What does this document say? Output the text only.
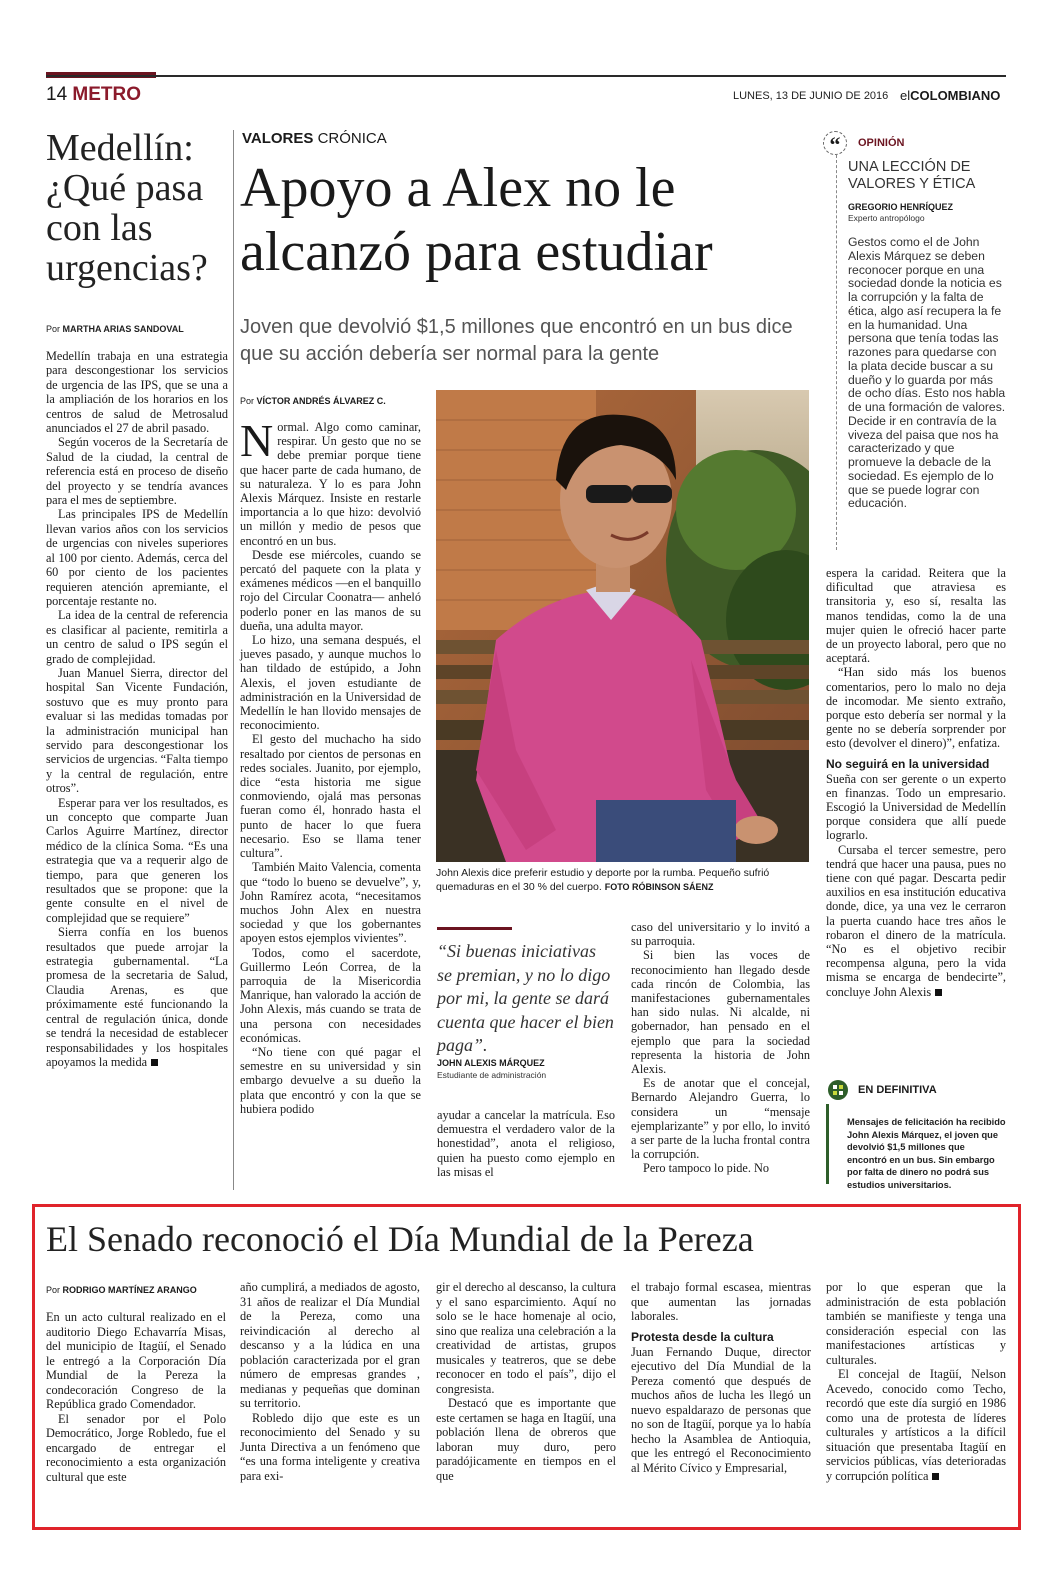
14 METRO	LUNES, 13 DE JUNIO DE 2016 elCOLOMBIANO
Medellín: ¿Qué pasa con las urgencias?
Por MARTHA ARIAS SANDOVAL

Medellín trabaja en una estrategia para descongestionar los servicios de urgencia de las IPS, que se una a la ampliación de los horarios en los centros de salud de Metrosalud anunciados el 27 de abril pasado.

Según voceros de la Secretaría de Salud de la ciudad, la central de referencia está en proceso de diseño del proyecto y se tendría avances para el mes de septiembre.

Las principales IPS de Medellín llevan varios años con los servicios de urgencias con niveles superiores al 100 por ciento. Además, cerca del 60 por ciento de los pacientes requieren atención apremiante, el porcentaje restante no.

La idea de la central de referencia es clasificar al paciente, remitirla a un centro de salud o IPS según el grado de complejidad.

Juan Manuel Sierra, director del hospital San Vicente Fundación, sostuvo que es muy pronto para evaluar si las medidas tomadas por la administración municipal han servido para descongestionar los servicios de urgencias. “Falta tiempo y la central de regulación, entre otros”.

Esperar para ver los resultados, es un concepto que comparte Juan Carlos Aguirre Martínez, director médico de la clínica Soma. “Es una estrategia que va a requerir algo de tiempo, para que generen los resultados que se propone: que la gente consulte en el nivel de complejidad que se requiere”

Sierra confía en los buenos resultados que puede arrojar la estrategia gubernamental. “La promesa de la secretaria de Salud, Claudia Arenas, es que próximamente esté funcionando la central de regulación única, donde se tendrá la necesidad de establecer responsabilidades y los hospitales apoyamos la medida

VALORES CRÓNICA
Apoyo a Alex no le alcanzó para estudiar
Joven que devolvió $1,5 millones que encontró en un bus dice que su acción debería ser normal para la gente
Por VÍCTOR ANDRÉS ÁLVAREZ C.

Normal. Algo como caminar, respirar. Un gesto que no se debe premiar porque tiene que hacer parte de cada humano, de su naturaleza. Y lo es para John Alexis Márquez. Insiste en restarle importancia a lo que hizo: devolvió un millón y medio de pesos que encontró en un bus.

Desde ese miércoles, cuando se percató del paquete con la plata y exámenes médicos —en el banquillo rojo del Circular Coonatra— anheló poderlo poner en las manos de su dueña, una adulta mayor.

Lo hizo, una semana después, el jueves pasado, y aunque muchos lo han tildado de estúpido, a John Alexis, el joven estudiante de administración en la Universidad de Medellín le han llovido mensajes de reconocimiento.

El gesto del muchacho ha sido resaltado por cientos de personas en redes sociales. Juanito, por ejemplo, dice “esta historia me sigue conmoviendo, ojalá mas personas fueran como él, honrado hasta el punto de hacer lo que fuera necesario. Eso se llama tener cultura”.

También Maito Valencia, comenta que “todo lo bueno se devuelve”, y, John Ramírez acota, “necesitamos muchos John Alex en nuestra sociedad y que los gobernantes apoyen estos ejemplos vivientes”.

Todos, como el sacerdote, Guillermo León Correa, de la parroquia de la Misericordia Manrique, han valorado la acción de John Alexis, más cuando se trata de una persona con necesidades económicas.

“No tiene con qué pagar el semestre en su universidad y sin embargo devuelve a su dueño la plata que encontró y con la que se hubiera podido

John Alexis dice preferir estudio y deporte por la rumba. Pequeño sufrió quemaduras en el 30 % del cuerpo. FOTO RÓBINSON SÁENZ
“Si buenas iniciativas se premian, y no lo digo por mi, la gente se dará cuenta que hacer el bien paga”.
JOHN ALEXIS MÁRQUEZ
Estudiante de administración
ayudar a cancelar la matrícula. Eso demuestra el verdadero valor de la honestidad”, anota el religioso, quien ha puesto como ejemplo en las misas el

caso del universitario y lo invitó a su parroquia.

Si bien las voces de reconocimiento han llegado desde cada rincón de Colombia, las manifestaciones gubernamentales han sido nulas. Ni alcalde, ni gobernador, han pensado en el ejemplo que para la sociedad representa la historia de John Alexis.

Es de anotar que el concejal, Bernardo Alejandro Guerra, lo considera un “mensaje ejemplarizante” y por ello, lo invitó a ser parte de la lucha frontal contra la corrupción.

Pero tampoco lo pide. No

“	OPINIÓN
UNA LECCIÓN DE VALORES Y ÉTICA
GREGORIO HENRÍQUEZ
Experto antropólogo
Gestos como el de John Alexis Márquez se deben reconocer porque en una sociedad donde la noticia es la corrupción y la falta de ética, algo así recupera la fe en la humanidad. Una persona que tenía todas las razones para quedarse con la plata decide buscar a su dueño y lo guarda por más de ocho días. Esto nos habla de una formación de valores. Decide ir en contravía de la viveza del paisa que nos ha caracterizado y que promueve la debacle de la sociedad. Es ejemplo de lo que se puede lograr con educación.

espera la caridad. Reitera que la dificultad que atraviesa es transitoria y, eso sí, resalta las manos tendidas, como la de una mujer quien le ofreció hacer parte de un proyecto laboral, pero que no aceptará.

“Han sido más los buenos comentarios, pero lo malo no deja de incomodar. Me siento extraño, porque esto debería ser normal y la gente no se debería sorprender por esto (devolver el dinero)”, enfatiza.

No seguirá en la universidad

Sueña con ser gerente o un experto en finanzas. Todo un empresario. Escogió la Universidad de Medellín porque considera que allí puede lograrlo.

Cursaba el tercer semestre, pero tendrá que hacer una pausa, pues no tiene con qué pagar. Descarta pedir auxilios en esa institución educativa donde, dice, ya una vez le cerraron la puerta cuando hace tres años le robaron el dinero de la matrícula. “No es el objetivo recibir recompensa alguna, pero la vida misma se encarga de bendecirte”, concluye John Alexis

EN DEFINITIVA
Mensajes de felicitación ha recibido John Alexis Márquez, el joven que devolvió $1,5 millones que encontró en un bus. Sin embargo por falta de dinero no podrá sus estudios universitarios.
El Senado reconoció el Día Mundial de la Pereza
Por RODRIGO MARTÍNEZ ARANGO

En un acto cultural realizado en el auditorio Diego Echavarría Misas, del municipio de Itagüí, el Senado le entregó a la Corporación Día Mundial de la Pereza la condecoración Congreso de la República grado Comendador.

El senador por el Polo Democrático, Jorge Robledo, fue el encargado de entregar el reconocimiento a esta organización cultural que este

año cumplirá, a mediados de agosto, 31 años de realizar el Día Mundial de la Pereza, como una reivindicación al derecho al descanso y a la lúdica en una población caracterizada por el gran número de empresas grandes , medianas y pequeñas que dominan su territorio.

Robledo dijo que este es un reconocimiento del Senado y su Junta Directiva a un fenómeno que “es una forma inteligente y creativa para exi-

gir el derecho al descanso, la cultura y el sano esparcimiento. Aquí no solo se le hace homenaje al ocio, sino que realiza una celebración a la creatividad de artistas, grupos musicales y teatreros, que se debe reconocer en todo el país”, dijo el congresista.

Destacó que es importante que este certamen se haga en Itagüí, una población llena de obreros que laboran muy duro, pero paradójicamente en tiempos en el que

el trabajo formal escasea, mientras que aumentan las jornadas laborales.

Protesta desde la cultura

Juan Fernando Duque, director ejecutivo del Día Mundial de la Pereza comentó que después de muchos años de lucha les llegó un nuevo espaldarazo de personas que no son de Itagüí, porque ya lo había hecho la Asamblea de Antioquia, que les entregó el Reconocimiento al Mérito Cívico y Empresarial,

por lo que esperan que la administración de esta población también se manifieste y tenga una consideración especial con las manifestaciones artísticas y culturales.

El concejal de Itagüí, Nelson Acevedo, conocido como Techo, recordó que este día surgió en 1986 como una de protesta de líderes culturales y artísticos a la difícil situación que presentaba Itagüí en servicios públicas, vías deterioradas y corrupción política
